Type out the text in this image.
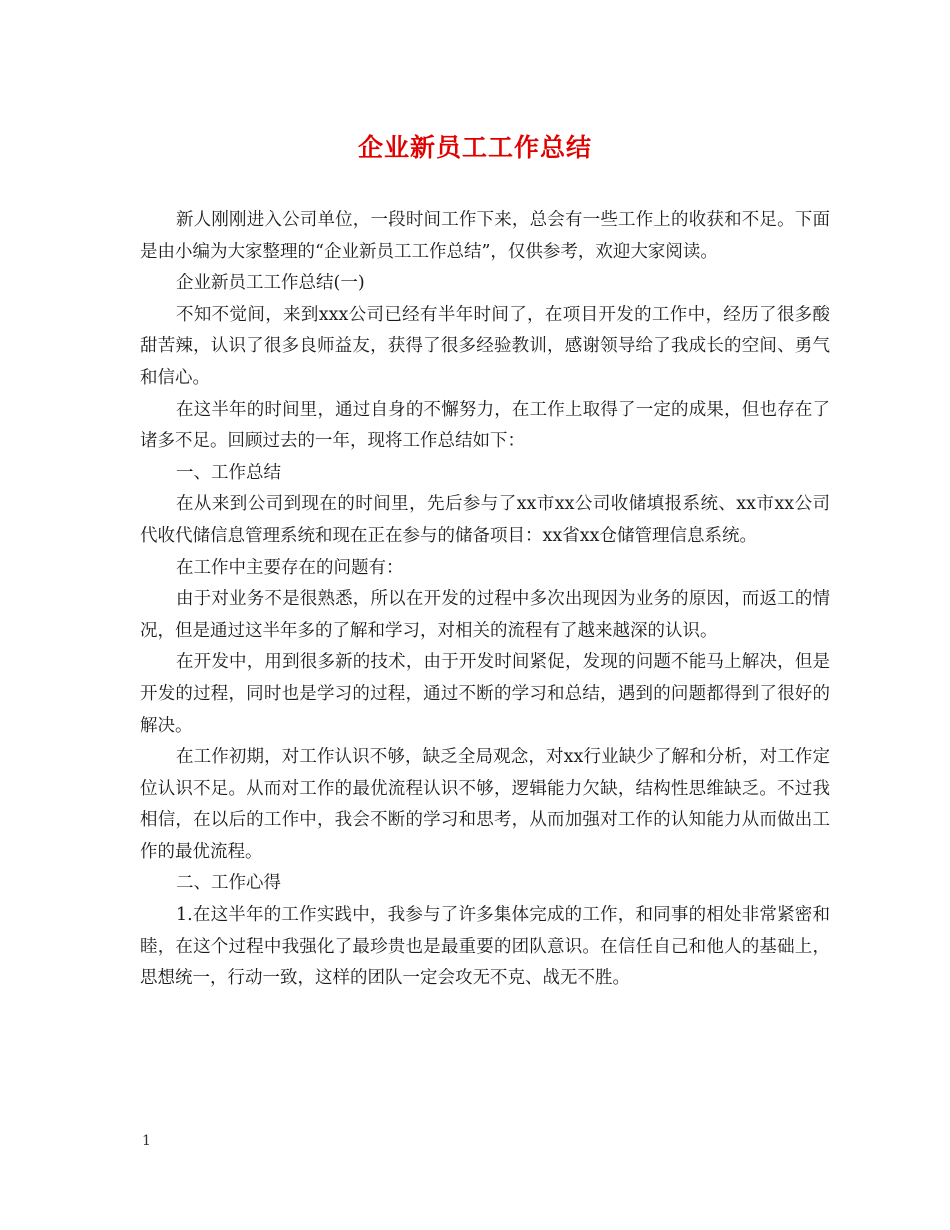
企业新员工工作总结

新人刚刚进入公司单位，一段时间工作下来，总会有一些工作上的收获和不足。下面是由小编为大家整理的“企业新员工工作总结”，仅供参考，欢迎大家阅读。

企业新员工工作总结(一)

不知不觉间，来到xxx公司已经有半年时间了，在项目开发的工作中，经历了很多酸甜苦辣，认识了很多良师益友，获得了很多经验教训，感谢领导给了我成长的空间、勇气和信心。

在这半年的时间里，通过自身的不懈努力，在工作上取得了一定的成果，但也存在了诸多不足。回顾过去的一年，现将工作总结如下：

一、工作总结

在从来到公司到现在的时间里，先后参与了xx市xx公司收储填报系统、xx市xx公司代收代储信息管理系统和现在正在参与的储备项目：xx省xx仓储管理信息系统。

在工作中主要存在的问题有：

由于对业务不是很熟悉，所以在开发的过程中多次出现因为业务的原因，而返工的情况，但是通过这半年多的了解和学习，对相关的流程有了越来越深的认识。

在开发中，用到很多新的技术，由于开发时间紧促，发现的问题不能马上解决，但是开发的过程，同时也是学习的过程，通过不断的学习和总结，遇到的问题都得到了很好的解决。

在工作初期，对工作认识不够，缺乏全局观念，对xx行业缺少了解和分析，对工作定位认识不足。从而对工作的最优流程认识不够，逻辑能力欠缺，结构性思维缺乏。不过我相信，在以后的工作中，我会不断的学习和思考，从而加强对工作的认知能力从而做出工作的最优流程。

二、工作心得

1.在这半年的工作实践中，我参与了许多集体完成的工作，和同事的相处非常紧密和睦，在这个过程中我强化了最珍贵也是最重要的团队意识。在信任自己和他人的基础上，思想统一，行动一致，这样的团队一定会攻无不克、战无不胜。

1
